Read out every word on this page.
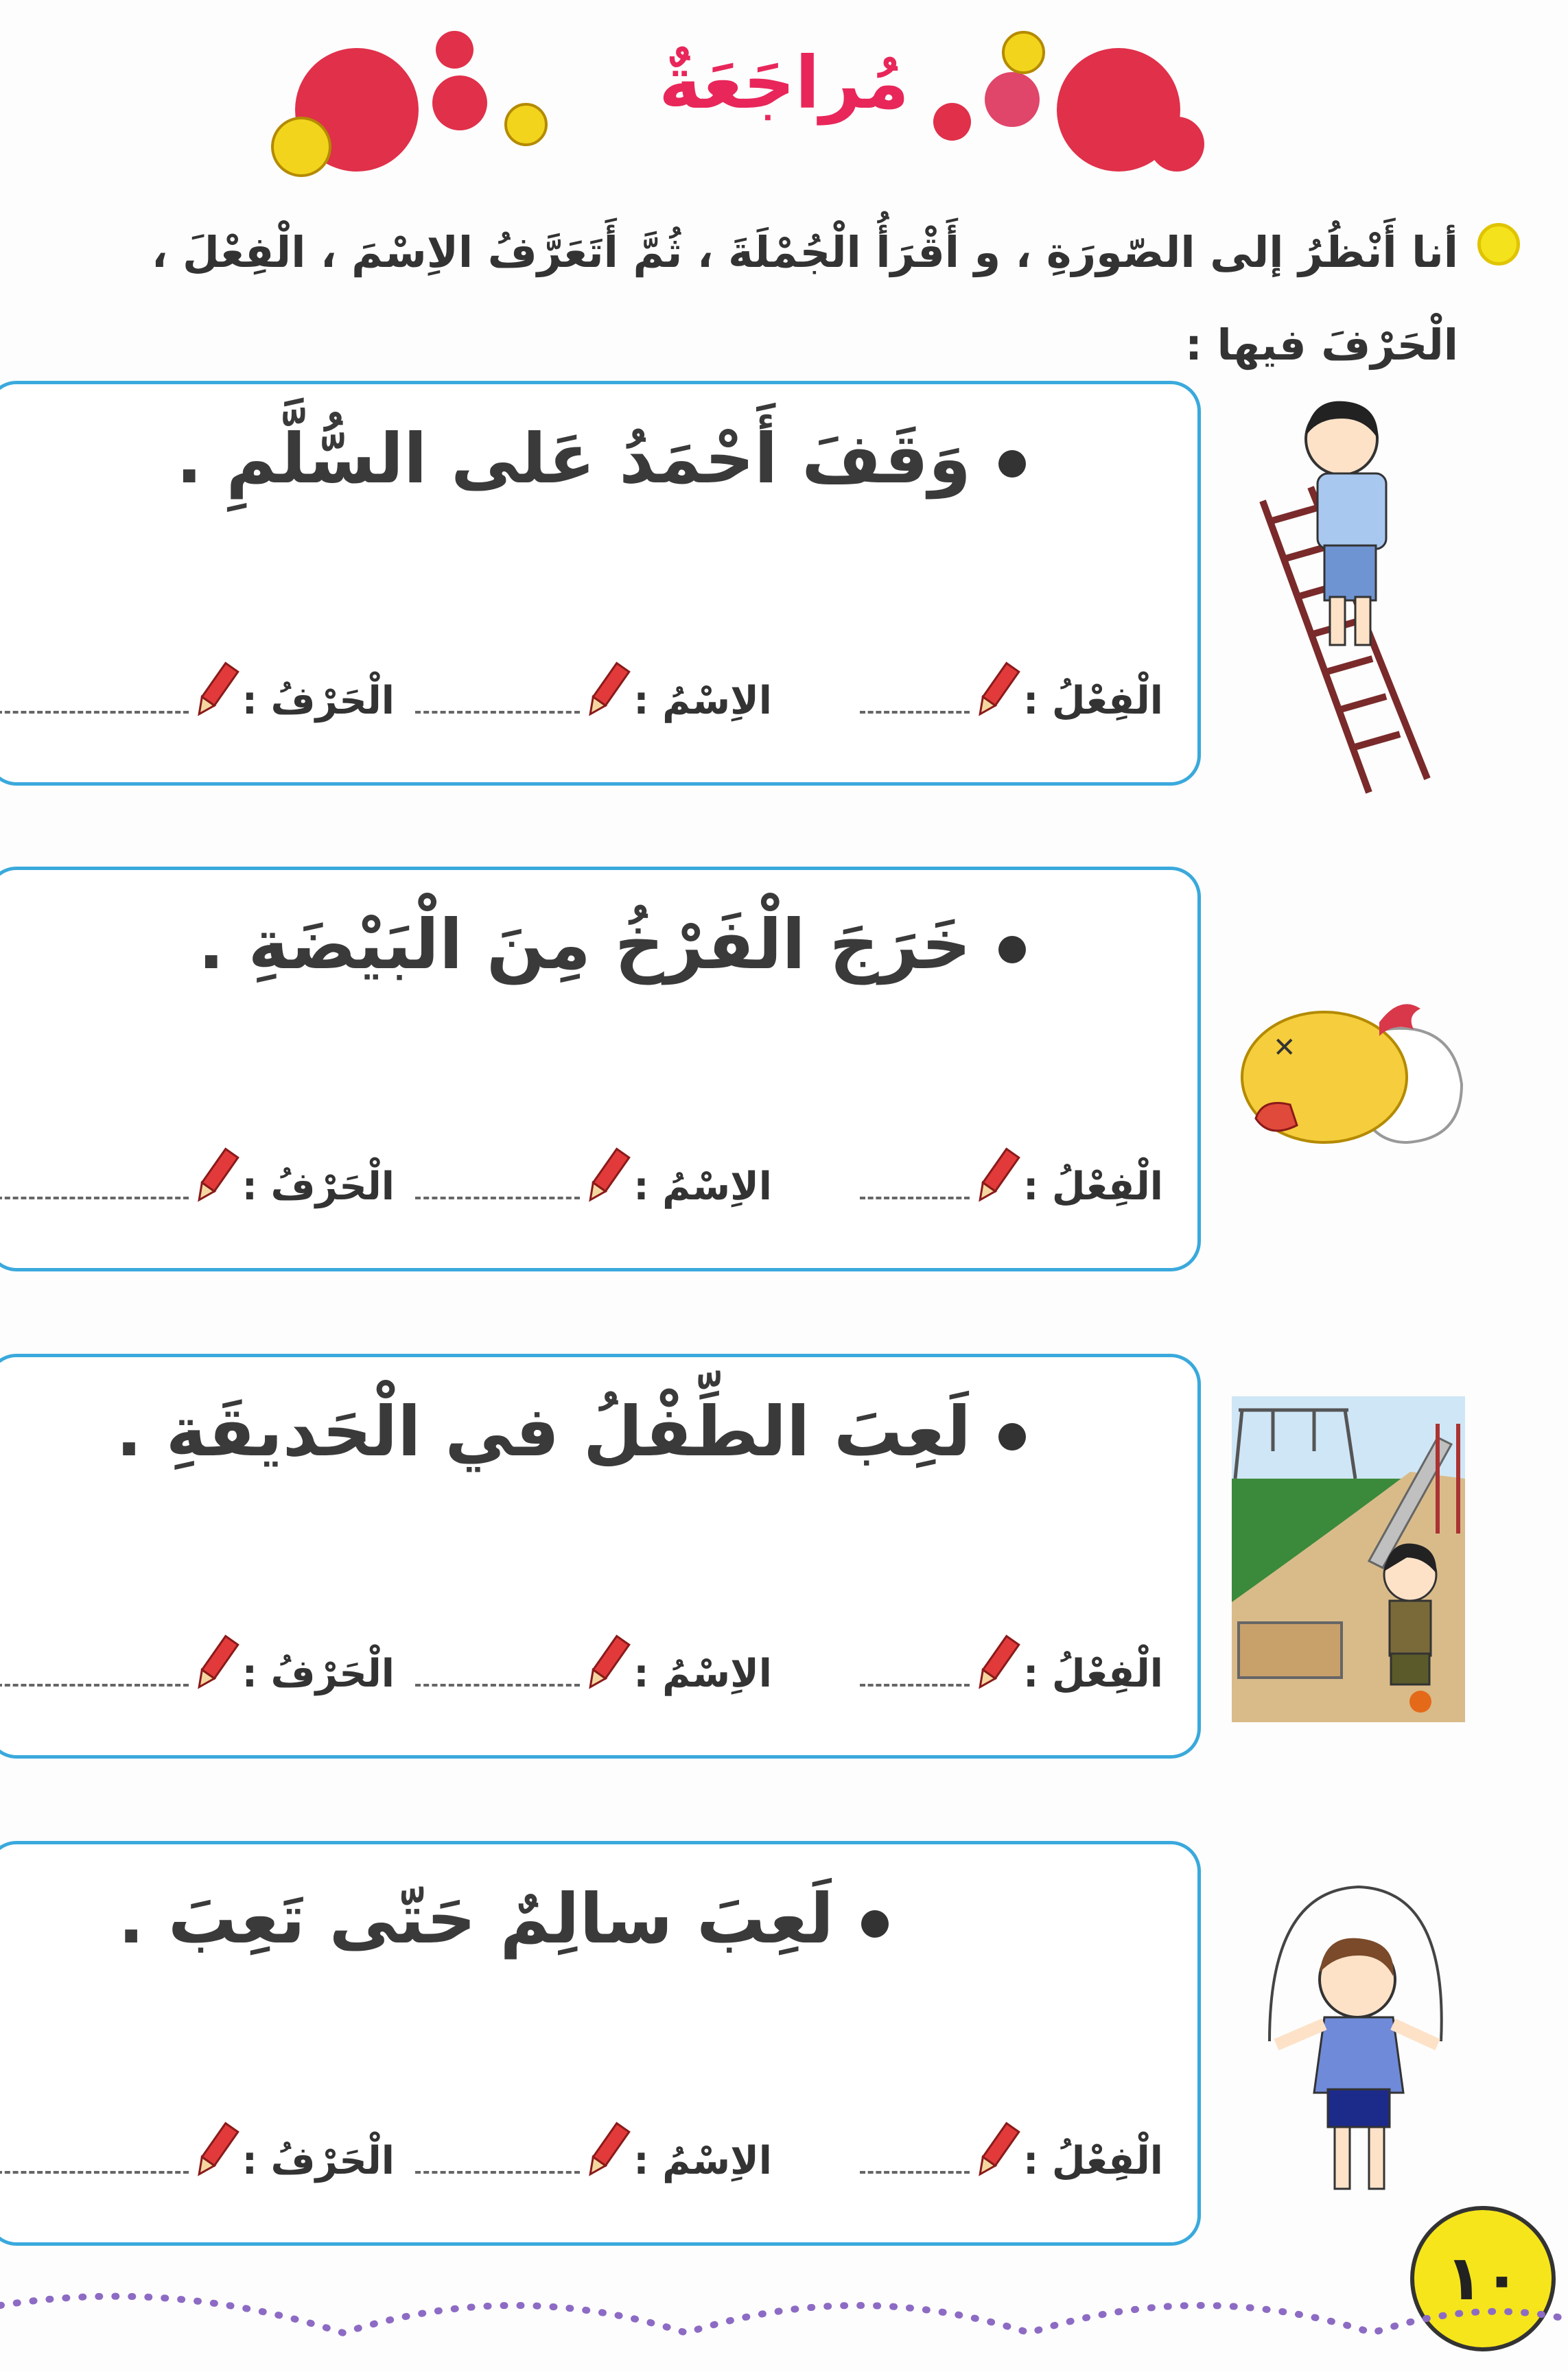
مُراجَعَةٌ
أنا أَنْظُرُ إلى الصّورَةِ ، و أَقْرَأُ الْجُمْلَةَ ، ثُمَّ أَتَعَرَّفُ الاِسْمَ ، الْفِعْلَ ، الْحَرْفَ فيها :
وَقَفَ أَحْمَدُ عَلى السُّلَّمِ .
الْفِعْلُ :
الاِسْمُ :
الْحَرْفُ :
خَرَجَ الْفَرْخُ مِنَ الْبَيْضَةِ .
الْفِعْلُ :
الاِسْمُ :
الْحَرْفُ :
لَعِبَ الطِّفْلُ في الْحَديقَةِ .
الْفِعْلُ :
الاِسْمُ :
الْحَرْفُ :
لَعِبَ سالِمٌ حَتّى تَعِبَ .
الْفِعْلُ :
الاِسْمُ :
الْحَرْفُ :
✕
١٠
